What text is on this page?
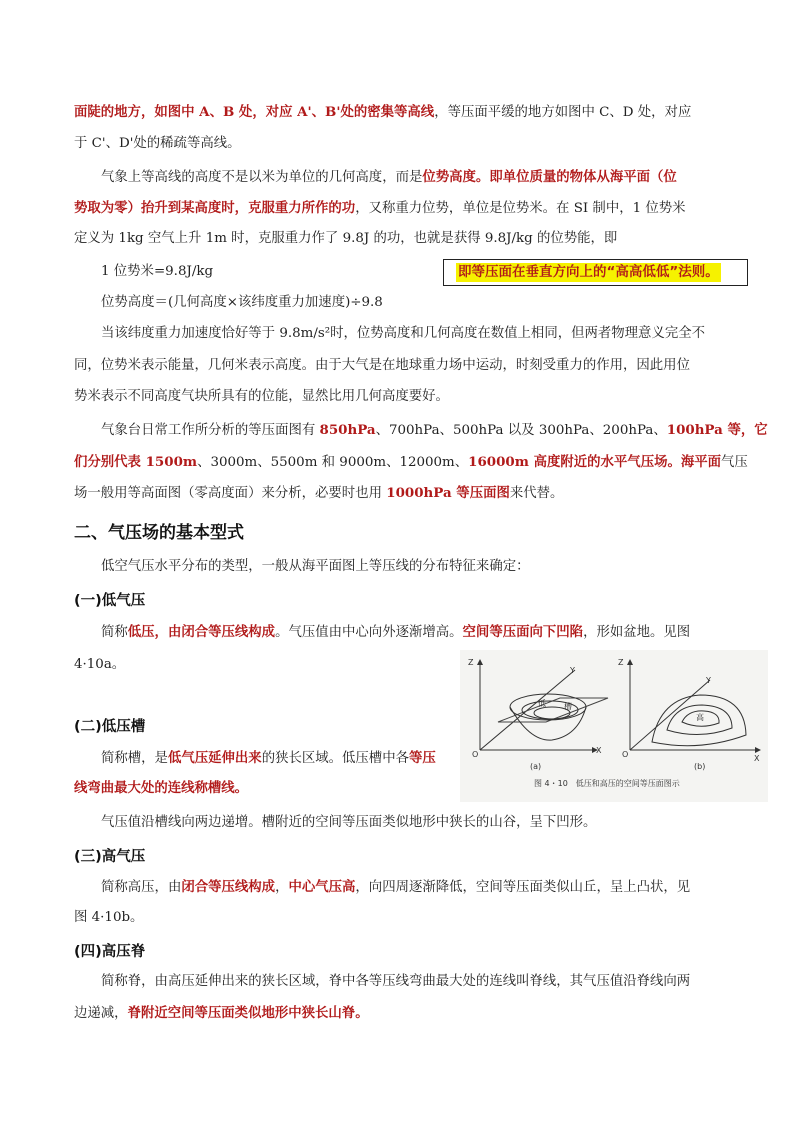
面陡的地方，如图中 A、B 处，对应 A'、B'处的密集等高线，等压面平缓的地方如图中 C、D 处，对应
于 C'、D'处的稀疏等高线。
气象上等高线的高度不是以米为单位的几何高度，而是位势高度。即单位质量的物体从海平面（位
势取为零）抬升到某高度时，克服重力所作的功，又称重力位势，单位是位势米。在 SI 制中，1 位势米
定义为 1kg 空气上升 1m 时，克服重力作了 9.8J 的功，也就是获得 9.8J/kg 的位势能，即
1 位势米=9.8J/kg	即等压面在垂直方向上的“高高低低”法则。
位势高度＝(几何高度×该纬度重力加速度)÷9.8
当该纬度重力加速度恰好等于 9.8m/s²时，位势高度和几何高度在数值上相同，但两者物理意义完全不
同，位势米表示能量，几何米表示高度。由于大气是在地球重力场中运动，时刻受重力的作用，因此用位
势米表示不同高度气块所具有的位能，显然比用几何高度要好。
气象台日常工作所分析的等压面图有 850hPa、700hPa、500hPa 以及 300hPa、200hPa、100hPa 等，它
们分别代表 1500m、3000m、5500m 和 9000m、12000m、16000m 高度附近的水平气压场。海平面气压
场一般用等高面图（零高度面）来分析，必要时也用 1000hPa 等压面图来代替。
二、气压场的基本型式
低空气压水平分布的类型，一般从海平面图上等压线的分布特征来确定：
(一)低气压
简称低压，由闭合等压线构成。气压值由中心向外逐渐增高。空间等压面向下凹陷，形如盆地。见图
4·10a。
(二)低压槽
简称槽，是低气压延伸出来的狭长区域。低压槽中各等压
线弯曲最大处的连线称槽线。
气压值沿槽线向两边递增。槽附近的空间等压面类似地形中狭长的山谷，呈下凹形。
(三)高气压
简称高压，由闭合等压线构成，中心气压高，向四周逐渐降低，空间等压面类似山丘，呈上凸状，见
图 4·10b。
(四)高压脊
简称脊，由高压延伸出来的狭长区域，脊中各等压线弯曲最大处的连线叫脊线，其气压值沿脊线向两
边递减，脊附近空间等压面类似地形中狭长山脊。
Z
Y
X
O
低 槽
(a)
Z
Y
X
O
高
(b)
图 4・10　低压和高压的空间等压面图示
